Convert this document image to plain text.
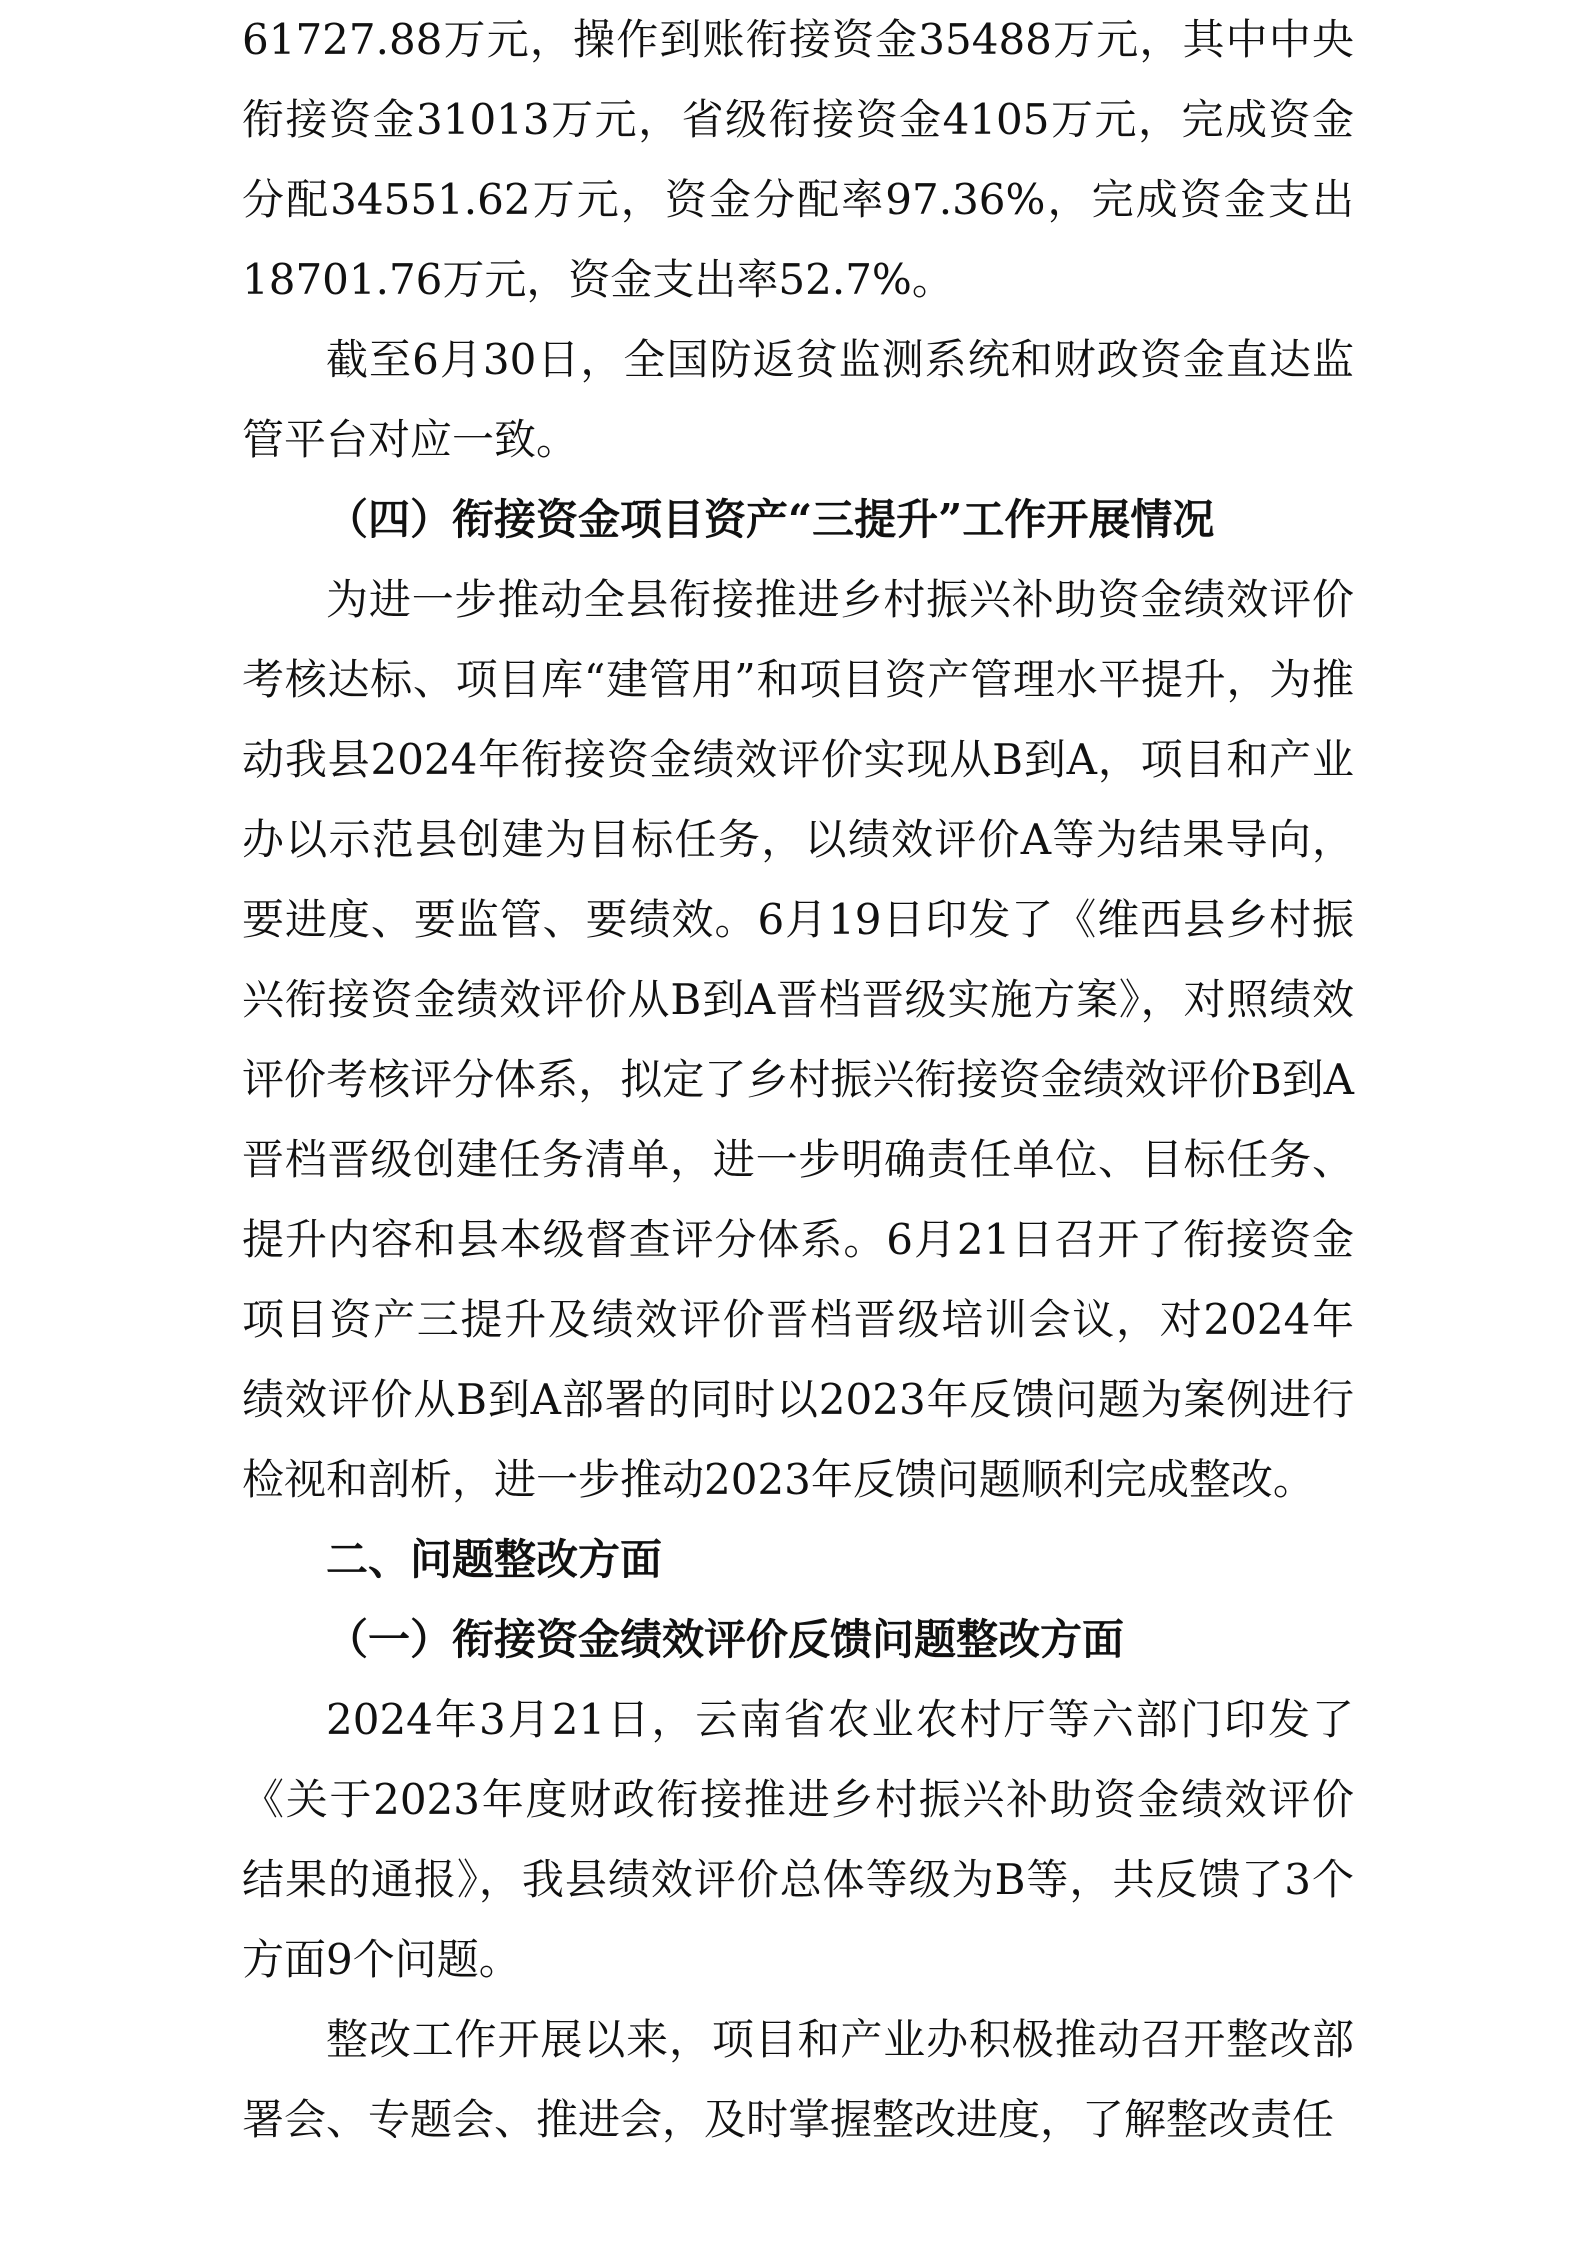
61727.88万元，操作到账衔接资金35488万元，其中中央衔接资金31013万元，省级衔接资金4105万元，完成资金分配34551.62万元，资金分配率97.36%，完成资金支出18701.76万元，资金支出率52.7%。

截至6月30日，全国防返贫监测系统和财政资金直达监管平台对应一致。

（四）衔接资金项目资产“三提升”工作开展情况

为进一步推动全县衔接推进乡村振兴补助资金绩效评价考核达标、项目库“建管用”和项目资产管理水平提升，为推动我县2024年衔接资金绩效评价实现从B到A，项目和产业办以示范县创建为目标任务，以绩效评价A等为结果导向，要进度、要监管、要绩效。6月19日印发了《维西县乡村振兴衔接资金绩效评价从B到A晋档晋级实施方案》，对照绩效评价考核评分体系，拟定了乡村振兴衔接资金绩效评价B到A晋档晋级创建任务清单，进一步明确责任单位、目标任务、提升内容和县本级督查评分体系。6月21日召开了衔接资金项目资产三提升及绩效评价晋档晋级培训会议，对2024年绩效评价从B到A部署的同时以2023年反馈问题为案例进行检视和剖析，进一步推动2023年反馈问题顺利完成整改。

二、问题整改方面

（一）衔接资金绩效评价反馈问题整改方面

2024年3月21日，云南省农业农村厅等六部门印发了《关于2023年度财政衔接推进乡村振兴补助资金绩效评价结果的通报》，我县绩效评价总体等级为B等，共反馈了3个方面9个问题。

整改工作开展以来，项目和产业办积极推动召开整改部署会、专题会、推进会，及时掌握整改进度，了解整改责任
